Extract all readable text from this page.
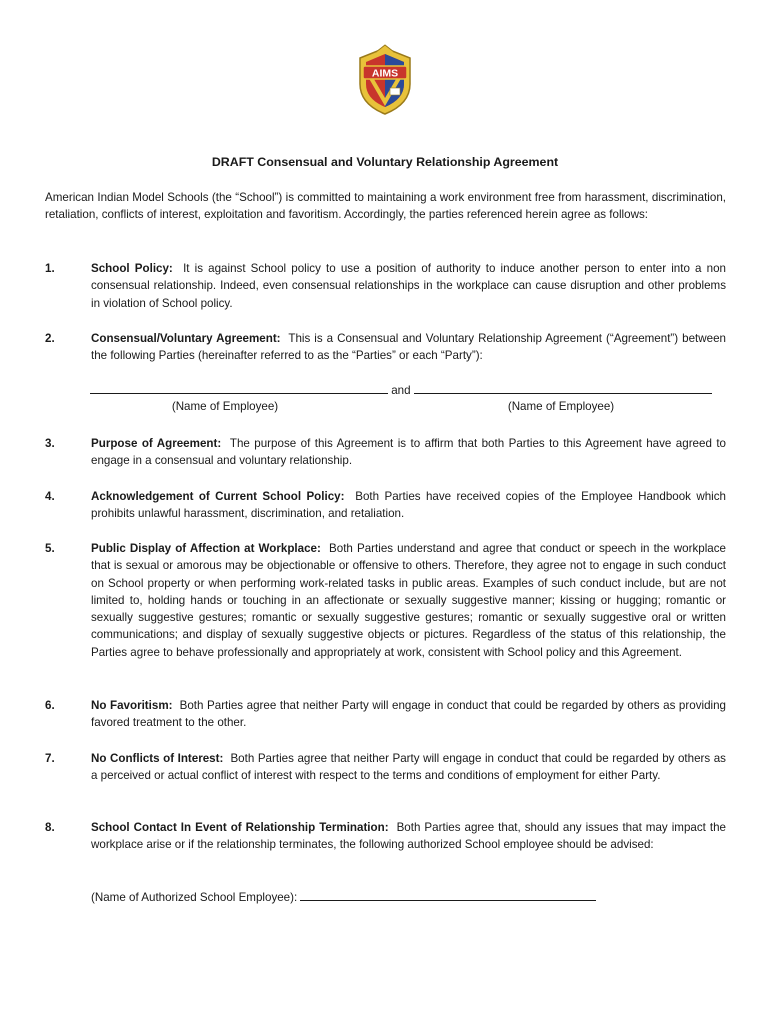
AIMS
DRAFT Consensual and Voluntary Relationship Agreement

American Indian Model Schools (the “School”) is committed to maintaining a work environment free from harassment, discrimination, retaliation, conflicts of interest, exploitation and favoritism. Accordingly, the parties referenced herein agree as follows:

1.	School Policy: It is against School policy to use a position of authority to induce another person to enter into a non consensual relationship. Indeed, even consensual relationships in the workplace can cause disruption and other problems in violation of School policy.

2.	Consensual/Voluntary Agreement: This is a Consensual and Voluntary Relationship Agreement (“Agreement”) between the following Parties (hereinafter referred to as the “Parties” or each “Party”):

and
(Name of Employee)	(Name of Employee)
3.	Purpose of Agreement: The purpose of this Agreement is to affirm that both Parties to this Agreement have agreed to engage in a consensual and voluntary relationship.

4.	Acknowledgement of Current School Policy: Both Parties have received copies of the Employee Handbook which prohibits unlawful harassment, discrimination, and retaliation.

5.	Public Display of Affection at Workplace: Both Parties understand and agree that conduct or speech in the workplace that is sexual or amorous may be objectionable or offensive to others. Therefore, they agree not to engage in such conduct on School property or when performing work-related tasks in public areas. Examples of such conduct include, but are not limited to, holding hands or touching in an affectionate or sexually suggestive manner; kissing or hugging; romantic or sexually suggestive gestures; romantic or sexually suggestive gestures; romantic or sexually suggestive oral or written communications; and display of sexually suggestive objects or pictures. Regardless of the status of this relationship, the Parties agree to behave professionally and appropriately at work, consistent with School policy and this Agreement.

6.	No Favoritism: Both Parties agree that neither Party will engage in conduct that could be regarded by others as providing favored treatment to the other.

7.	No Conflicts of Interest: Both Parties agree that neither Party will engage in conduct that could be regarded by others as a perceived or actual conflict of interest with respect to the terms and conditions of employment for either Party.

8.	School Contact In Event of Relationship Termination: Both Parties agree that, should any issues that may impact the workplace arise or if the relationship terminates, the following authorized School employee should be advised:

(Name of Authorized School Employee):
